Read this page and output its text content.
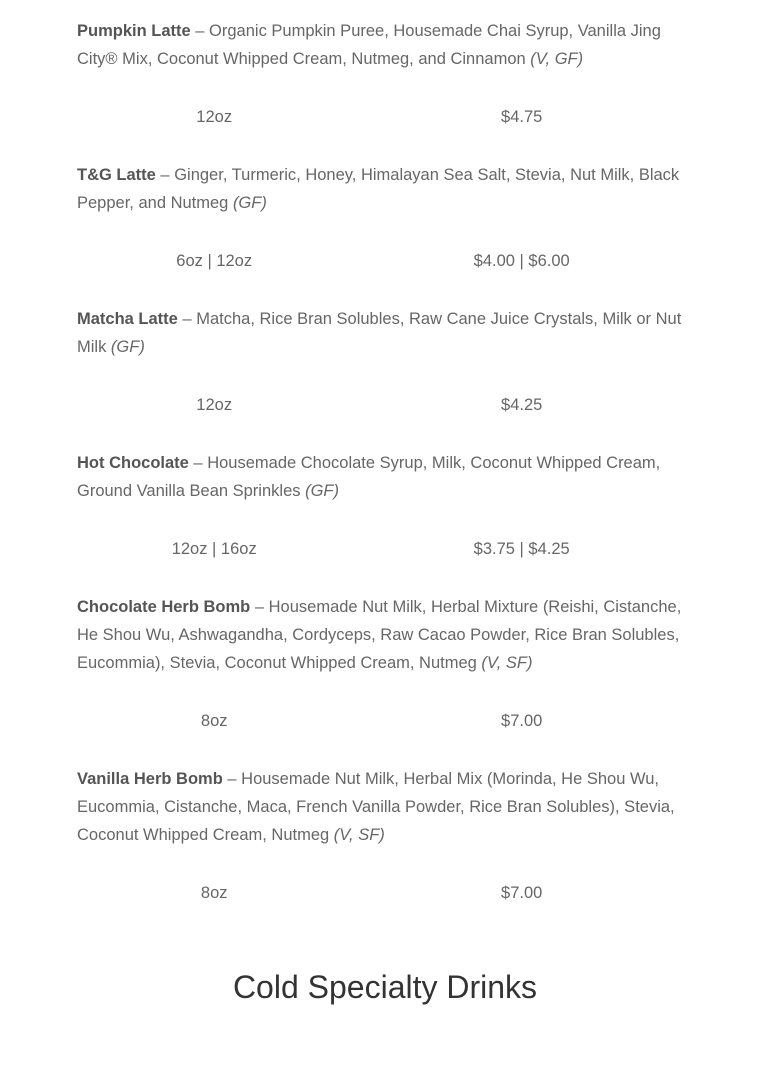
Pumpkin Latte – Organic Pumpkin Puree, Housemade Chai Syrup, Vanilla Jing City® Mix, Coconut Whipped Cream, Nutmeg, and Cinnamon (V, GF)

12oz	$4.75

T&G Latte – Ginger, Turmeric, Honey, Himalayan Sea Salt, Stevia, Nut Milk, Black Pepper, and Nutmeg (GF)

6oz | 12oz	$4.00 | $6.00

Matcha Latte – Matcha, Rice Bran Solubles, Raw Cane Juice Crystals, Milk or Nut Milk (GF)

12oz	$4.25

Hot Chocolate – Housemade Chocolate Syrup, Milk, Coconut Whipped Cream, Ground Vanilla Bean Sprinkles (GF)

12oz | 16oz	$3.75 | $4.25

Chocolate Herb Bomb – Housemade Nut Milk, Herbal Mixture (Reishi, Cistanche, He Shou Wu, Ashwagandha, Cordyceps, Raw Cacao Powder, Rice Bran Solubles, Eucommia), Stevia, Coconut Whipped Cream, Nutmeg (V, SF)

8oz	$7.00

Vanilla Herb Bomb – Housemade Nut Milk, Herbal Mix (Morinda, He Shou Wu, Eucommia, Cistanche, Maca, French Vanilla Powder, Rice Bran Solubles), Stevia, Coconut Whipped Cream, Nutmeg (V, SF)

8oz	$7.00
Cold Specialty Drinks
